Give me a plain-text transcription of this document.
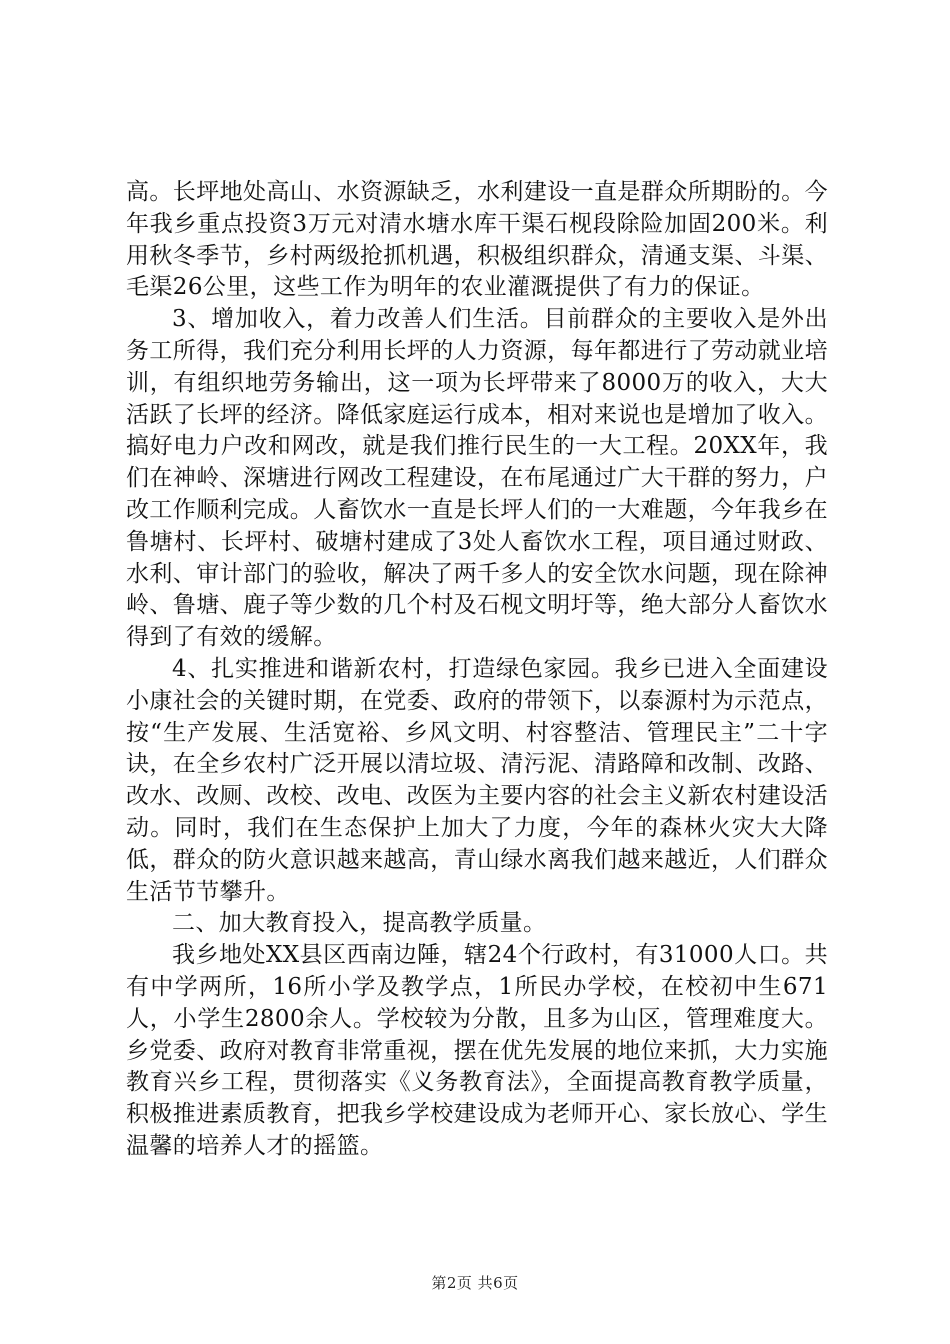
高。长坪地处高山、水资源缺乏，水利建设一直是群众所期盼的。今年我乡重点投资3万元对清水塘水库干渠石枧段除险加固200米。利用秋冬季节，乡村两级抢抓机遇，积极组织群众，清通支渠、斗渠、毛渠26公里，这些工作为明年的农业灌溉提供了有力的保证。

3、增加收入，着力改善人们生活。目前群众的主要收入是外出务工所得，我们充分利用长坪的人力资源，每年都进行了劳动就业培训，有组织地劳务输出，这一项为长坪带来了8000万的收入，大大活跃了长坪的经济。降低家庭运行成本，相对来说也是增加了收入。搞好电力户改和网改，就是我们推行民生的一大工程。20XX年，我们在神岭、深塘进行网改工程建设，在布尾通过广大干群的努力，户改工作顺利完成。人畜饮水一直是长坪人们的一大难题，今年我乡在鲁塘村、长坪村、破塘村建成了3处人畜饮水工程，项目通过财政、水利、审计部门的验收，解决了两千多人的安全饮水问题，现在除神岭、鲁塘、鹿子等少数的几个村及石枧文明圩等，绝大部分人畜饮水得到了有效的缓解。

4、扎实推进和谐新农村，打造绿色家园。我乡已进入全面建设小康社会的关键时期，在党委、政府的带领下，以泰源村为示范点，按“生产发展、生活宽裕、乡风文明、村容整洁、管理民主”二十字诀，在全乡农村广泛开展以清垃圾、清污泥、清路障和改制、改路、改水、改厕、改校、改电、改医为主要内容的社会主义新农村建设活动。同时，我们在生态保护上加大了力度，今年的森林火灾大大降低，群众的防火意识越来越高，青山绿水离我们越来越近，人们群众生活节节攀升。

二、加大教育投入，提高教学质量。

我乡地处XX县区西南边陲，辖24个行政村，有31000人口。共有中学两所，16所小学及教学点，1所民办学校，在校初中生671人，小学生2800余人。学校较为分散，且多为山区，管理难度大。乡党委、政府对教育非常重视，摆在优先发展的地位来抓，大力实施教育兴乡工程，贯彻落实《义务教育法》，全面提高教育教学质量，积极推进素质教育，把我乡学校建设成为老师开心、家长放心、学生温馨的培养人才的摇篮。

第2页 共6页
